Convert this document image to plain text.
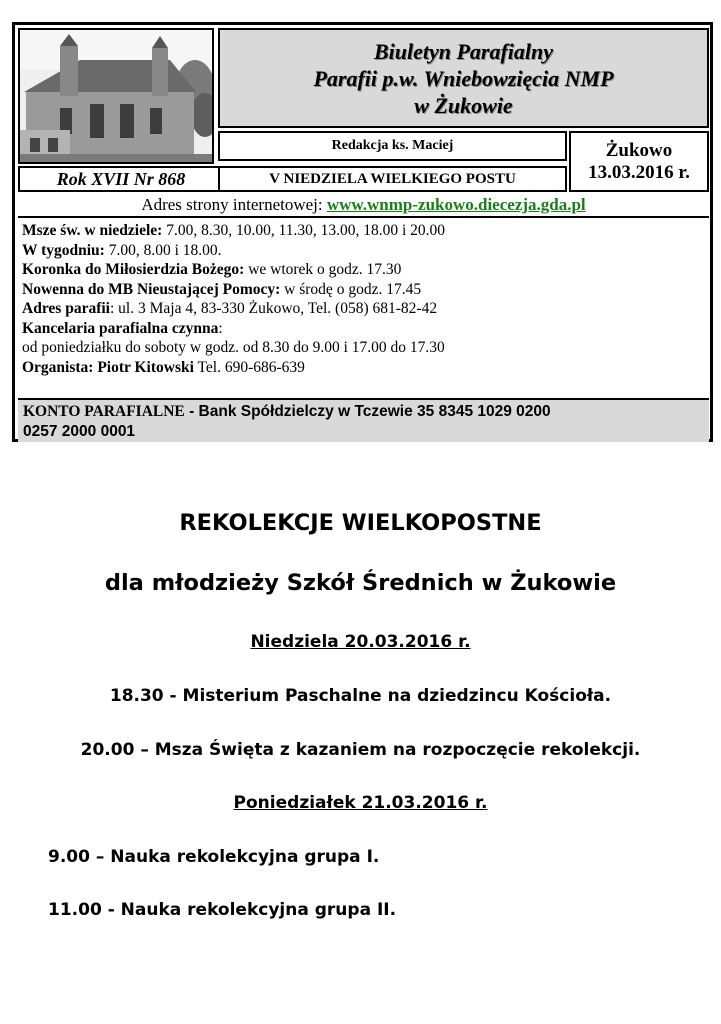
Biuletyn Parafialny
Parafii p.w. Wniebowzięcia NMP
w Żukowie
Redakcja ks. Maciej	Żukowo
13.03.2016 r.
Rok XVII Nr 868	V NIEDZIELA WIELKIEGO POSTU
Adres strony internetowej: www.wnmp-zukowo.diecezja.gda.pl
Msze św. w niedziele: 7.00, 8.30, 10.00, 11.30, 13.00, 18.00 i 20.00
W tygodniu: 7.00, 8.00 i 18.00.
Koronka do Miłosierdzia Bożego: we wtorek o godz. 17.30
Nowenna do MB Nieustającej Pomocy: w środę o godz. 17.45
Adres parafii: ul. 3 Maja 4, 83-330 Żukowo, Tel. (058) 681-82-42
Kancelaria parafialna czynna:
od poniedziałku do soboty w godz. od 8.30 do 9.00 i 17.00 do 17.30
Organista: Piotr Kitowski Tel. 690-686-639
KONTO PARAFIALNE - Bank Spółdzielczy w Tczewie 35 8345 1029 0200
0257 2000 0001
REKOLEKCJE WIELKOPOSTNE
dla młodzieży Szkół Średnich w Żukowie
Niedziela 20.03.2016 r.
18.30 - Misterium Paschalne na dziedzincu Kościoła.
20.00 – Msza Święta z kazaniem na rozpoczęcie rekolekcji.
Poniedziałek 21.03.2016 r.
9.00 – Nauka rekolekcyjna grupa I.
11.00 - Nauka rekolekcyjna grupa II.
